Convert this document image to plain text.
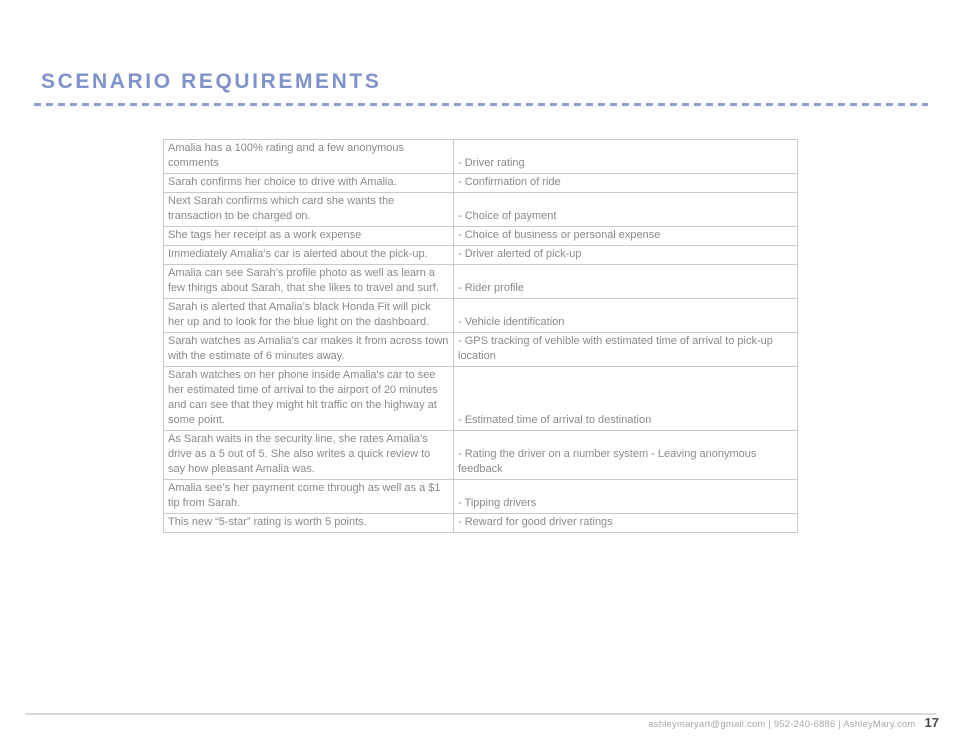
SCENARIO REQUIREMENTS
Amalia has a 100% rating and a few anonymous comments	- Driver rating
Sarah confirms her choice to drive with Amalia.	- Confirmation of ride
Next Sarah confirms which card she wants the transaction to be charged on.	- Choice of payment
She tags her receipt as a work expense	- Choice of business or personal expense
Immediately Amalia’s car is alerted about the pick-up.	- Driver alerted of pick-up
Amalia can see Sarah’s profile photo as well as learn a few things about Sarah, that she likes to travel and surf.	- Rider profile
Sarah is alerted that Amalia’s black Honda Fit will pick her up and to look for the blue light on the dashboard.	- Vehicle identification
Sarah watches as Amalia’s car makes it from across town with the estimate of 6 minutes away.	- GPS tracking of vehible with estimated time of arrival to pick-up location
Sarah watches on her phone inside Amalia's car to see her estimated time of arrival to the airport of 20 minutes and can see that they might hit traffic on the highway at some point.	- Estimated time of arrival to destination
As Sarah waits in the security line, she rates Amalia’s drive as a 5 out of 5. She also writes a quick review to say how pleasant Amalia was.	- Rating the driver on a number system - Leaving anonymous feedback
Amalia see’s her payment come through as well as a $1 tip from Sarah.	- Tipping drivers
This new “5-star” rating is worth 5 points.	- Reward for good driver ratings
ashleymaryart@gmail.com | 952-240-6886 | AshleyMary.com 17
